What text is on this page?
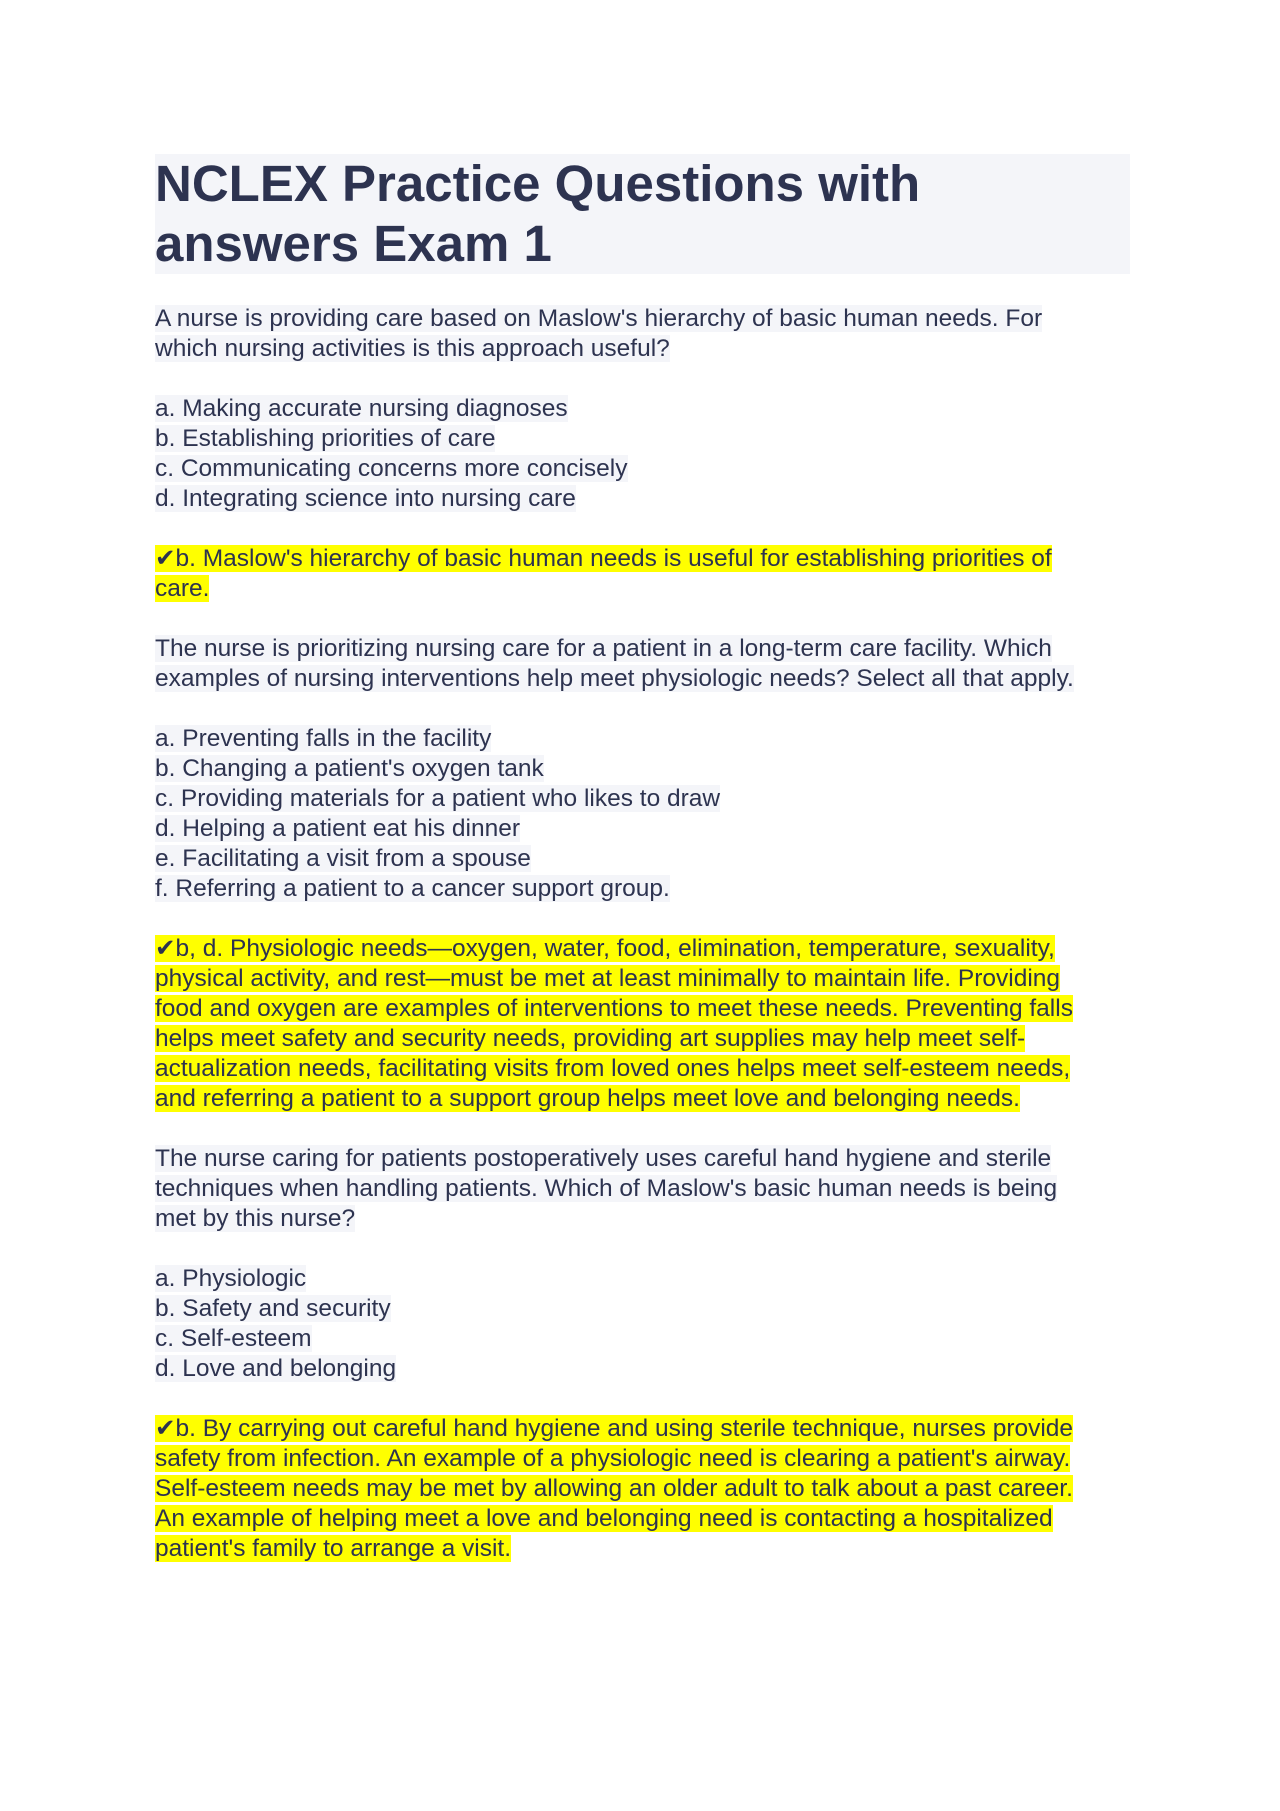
NCLEX Practice Questions with
answers Exam 1
A nurse is providing care based on Maslow's hierarchy of basic human needs. For
which nursing activities is this approach useful?
a. Making accurate nursing diagnoses
b. Establishing priorities of care
c. Communicating concerns more concisely
d. Integrating science into nursing care
✔b. Maslow's hierarchy of basic human needs is useful for establishing priorities of
care.
The nurse is prioritizing nursing care for a patient in a long-term care facility. Which
examples of nursing interventions help meet physiologic needs? Select all that apply.
a. Preventing falls in the facility
b. Changing a patient's oxygen tank
c. Providing materials for a patient who likes to draw
d. Helping a patient eat his dinner
e. Facilitating a visit from a spouse
f. Referring a patient to a cancer support group.
✔b, d. Physiologic needs—oxygen, water, food, elimination, temperature, sexuality,
physical activity, and rest—must be met at least minimally to maintain life. Providing
food and oxygen are examples of interventions to meet these needs. Preventing falls
helps meet safety and security needs, providing art supplies may help meet self-
actualization needs, facilitating visits from loved ones helps meet self-esteem needs,
and referring a patient to a support group helps meet love and belonging needs.
The nurse caring for patients postoperatively uses careful hand hygiene and sterile
techniques when handling patients. Which of Maslow's basic human needs is being
met by this nurse?
a. Physiologic
b. Safety and security
c. Self-esteem
d. Love and belonging
✔b. By carrying out careful hand hygiene and using sterile technique, nurses provide
safety from infection. An example of a physiologic need is clearing a patient's airway.
Self-esteem needs may be met by allowing an older adult to talk about a past career.
An example of helping meet a love and belonging need is contacting a hospitalized
patient's family to arrange a visit.
